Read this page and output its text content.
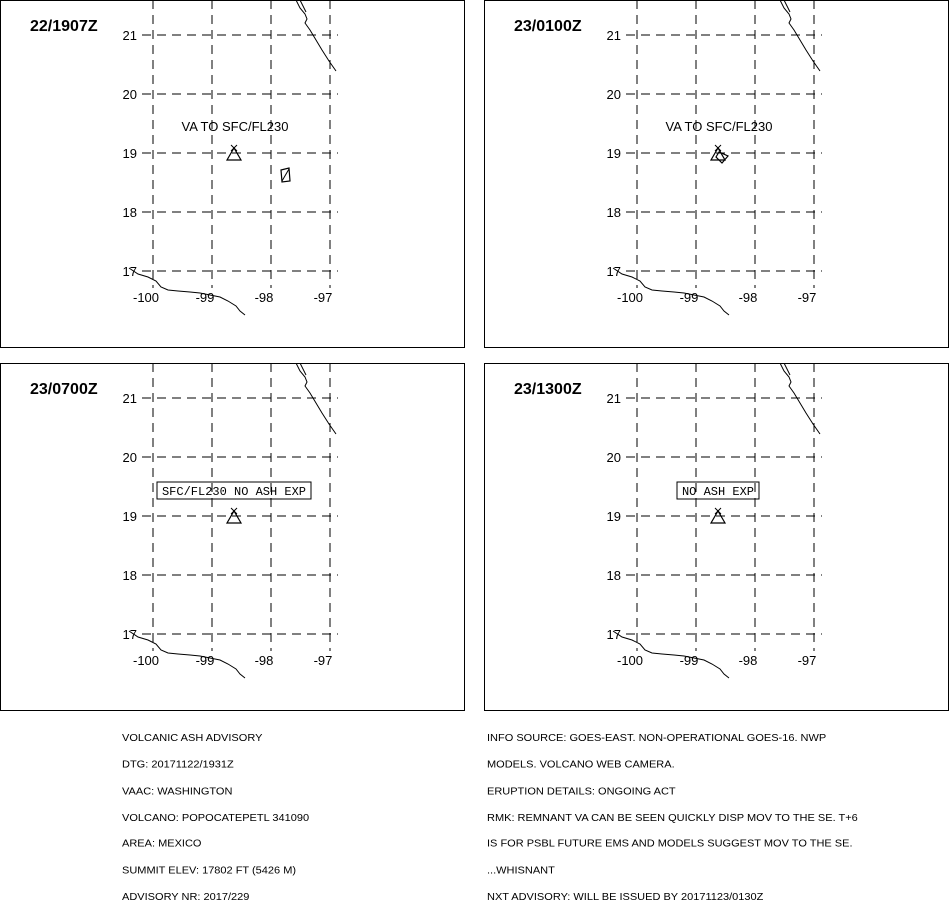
21
20
19
18
17
-100	-99	-98	-97
VA TO SFC/FL230
22/1907Z
21
20
19
18
17
-100	-99	-98	-97
VA TO SFC/FL230
23/0100Z
21
20
19
18
17
-100	-99	-98	-97
SFC/FL230 NO ASH EXP
23/0700Z
21
20
19
18
17
-100	-99	-98	-97
NO ASH EXP
23/1300Z

VOLCANIC ASH ADVISORY

DTG: 20171122/1931Z

VAAC: WASHINGTON

VOLCANO: POPOCATEPETL 341090

AREA: MEXICO

SUMMIT ELEV: 17802 FT (5426 M)

ADVISORY NR: 2017/229

INFO SOURCE: GOES-EAST. NON-OPERATIONAL GOES-16. NWP

MODELS. VOLCANO WEB CAMERA.

ERUPTION DETAILS: ONGOING ACT

RMK: REMNANT VA CAN BE SEEN QUICKLY DISP MOV TO THE SE. T+6

IS FOR PSBL FUTURE EMS AND MODELS SUGGEST MOV TO THE SE.

...WHISNANT

NXT ADVISORY: WILL BE ISSUED BY 20171123/0130Z
